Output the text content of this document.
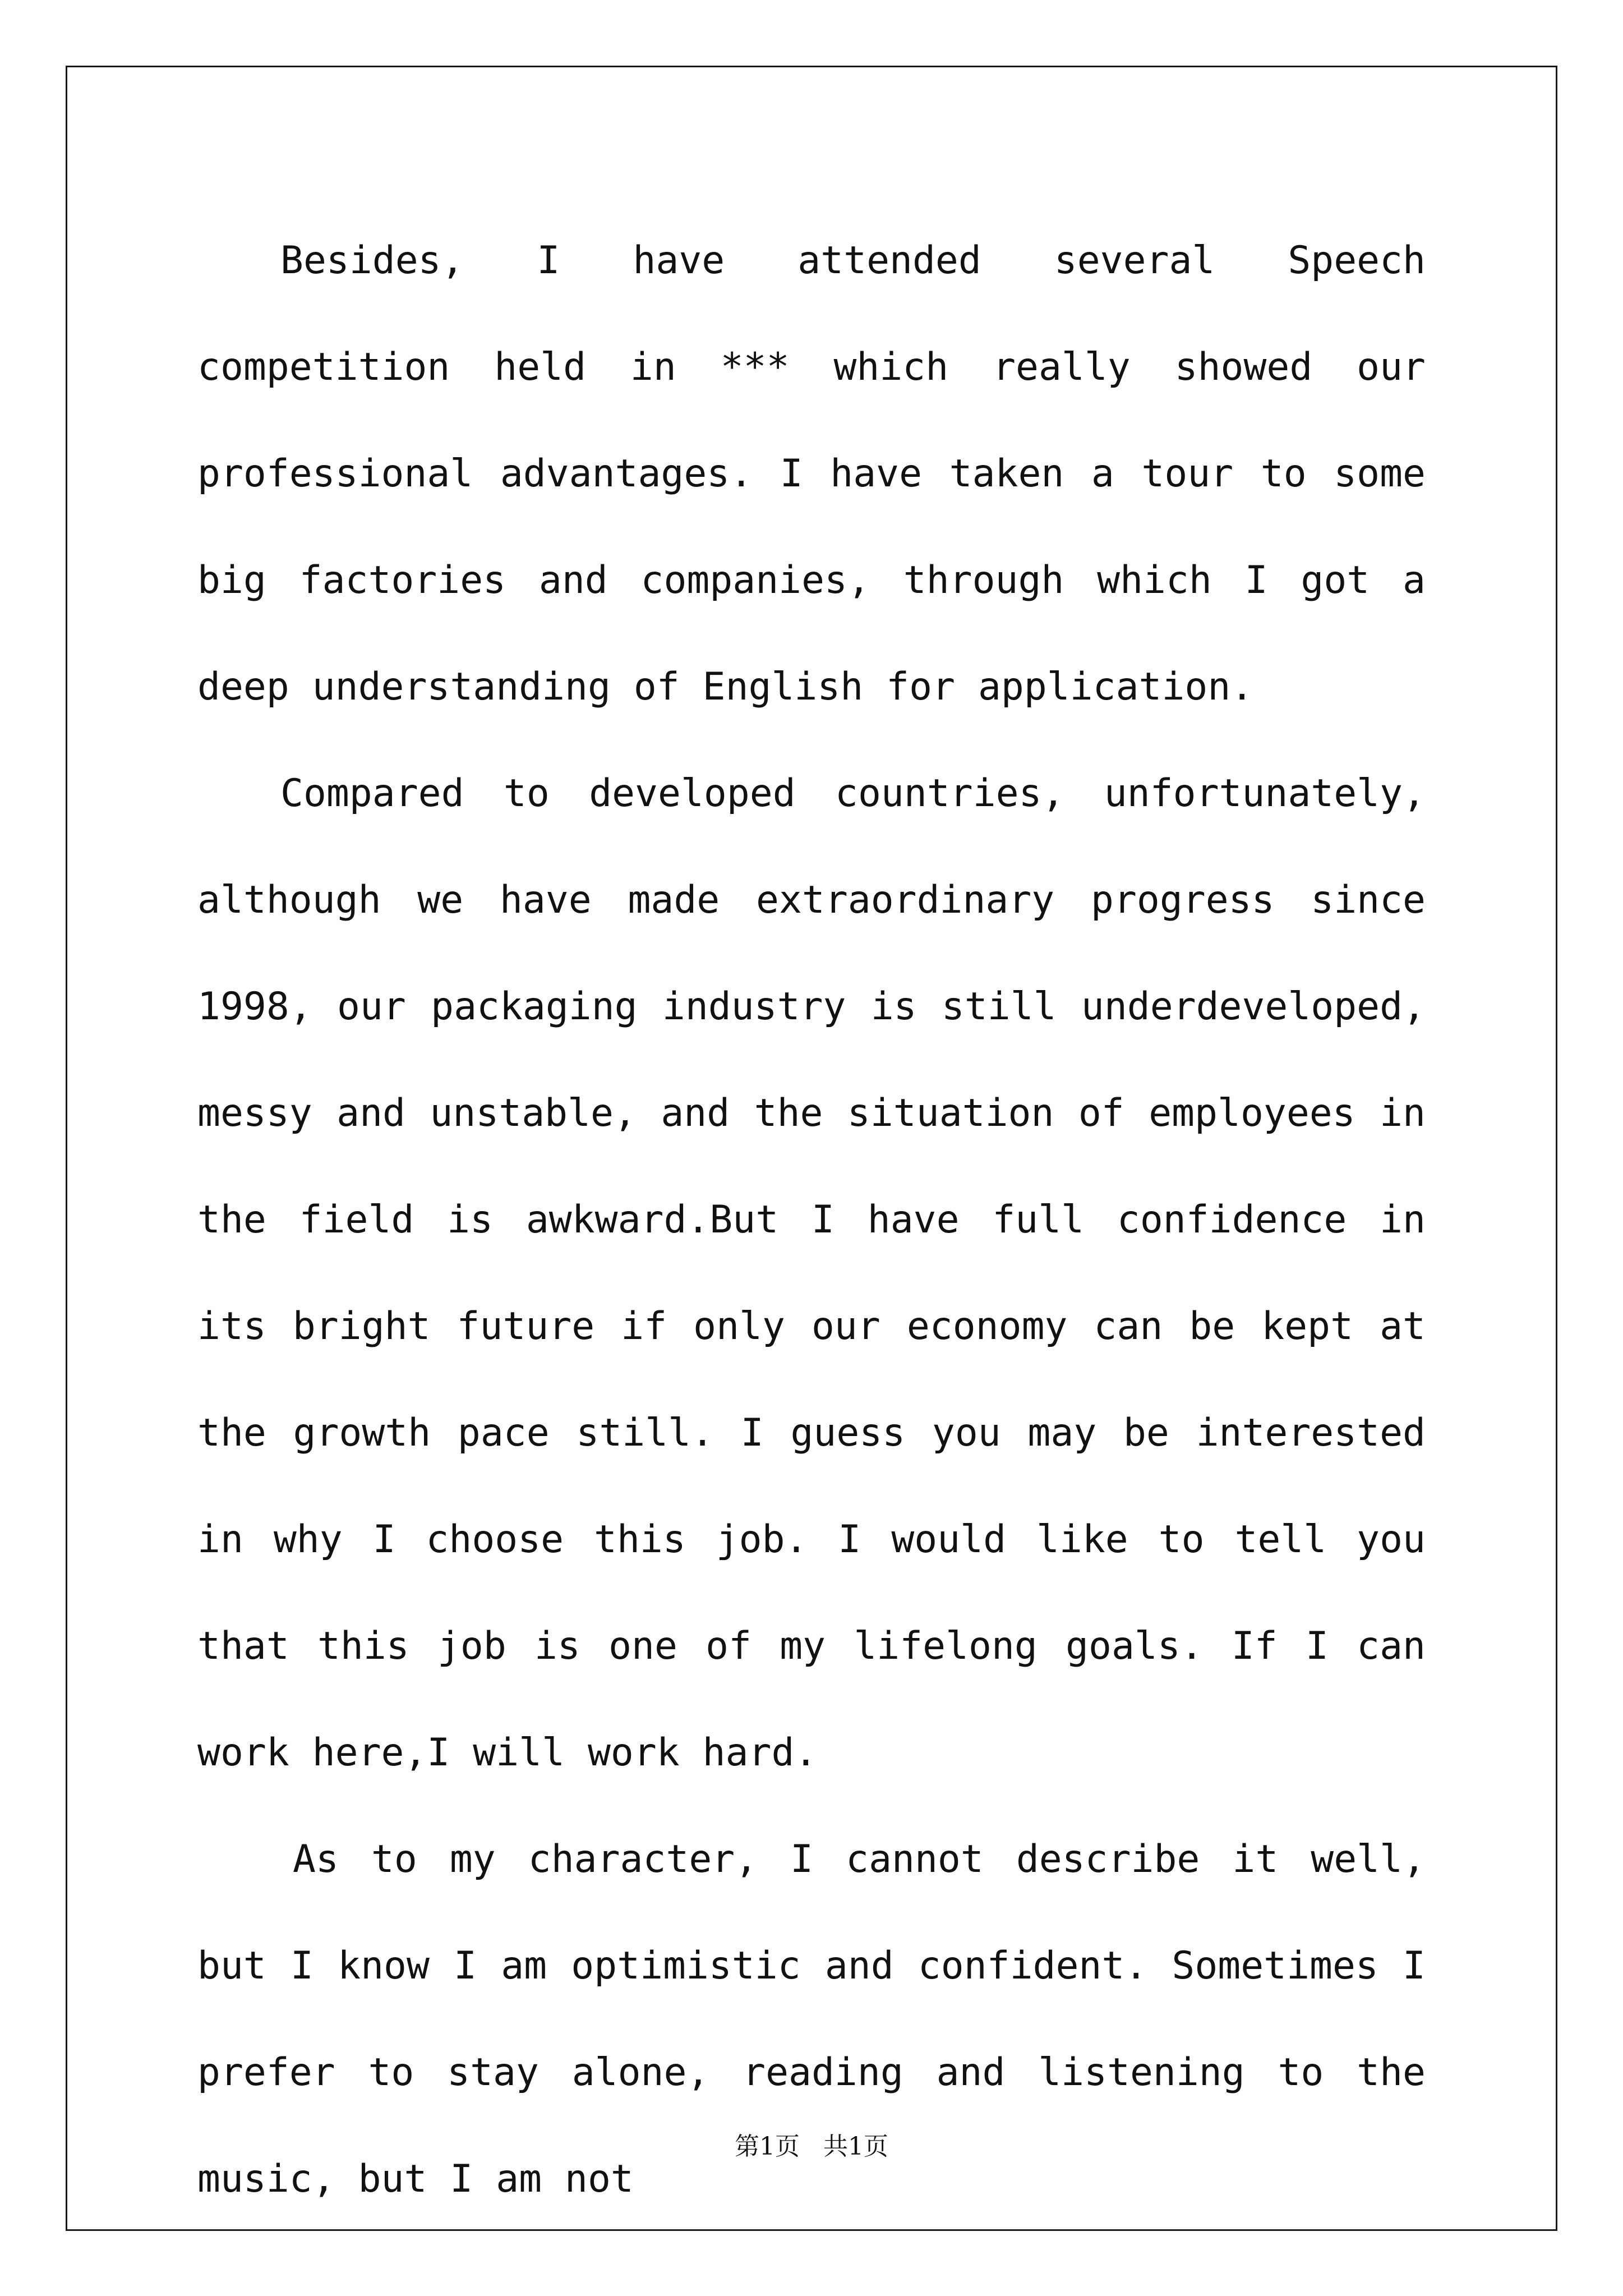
Besides, I have attended several Speech competition held in *** which really showed our professional advantages. I have taken a tour to some big factories and companies, through which I got a deep understanding of English for application.

Compared to developed countries, unfortunately, although we have made extraordinary progress since 1998, our packaging industry is still underdeveloped, messy and unstable, and the situation of employees in the field is awkward.But I have full confidence in its bright future if only our economy can be kept at the growth pace still. I guess you may be interested in why I choose this job. I would like to tell you that this job is one of my lifelong goals. If I can work here,I will work hard.

As to my character, I cannot describe it well, but I know I am optimistic and confident. Sometimes I prefer to stay alone, reading and listening to the music, but I am not

第1页   共1页
